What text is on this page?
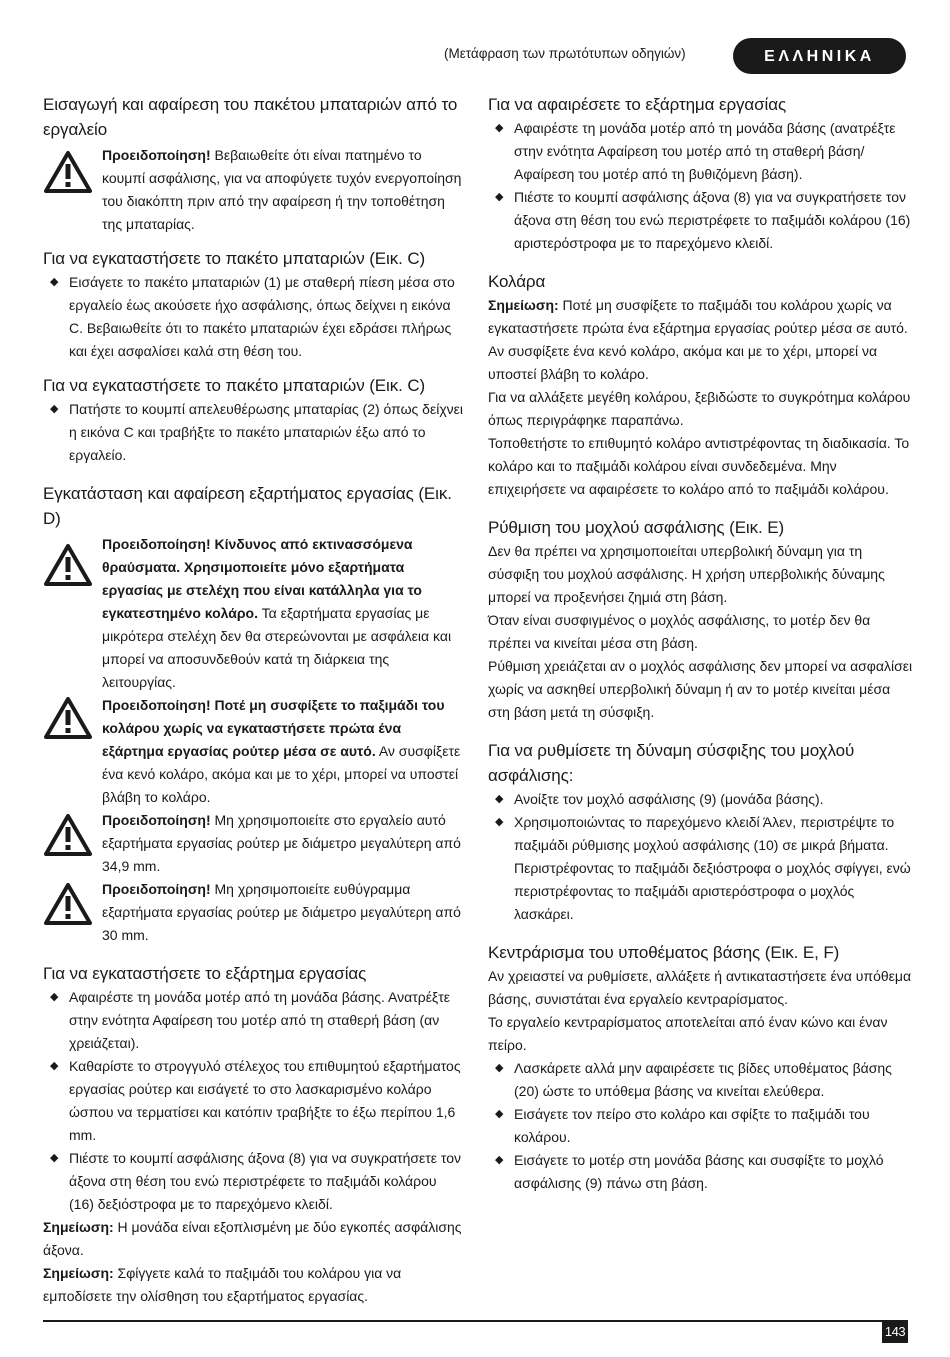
(Μετάφραση των πρωτότυπων οδηγιών)	ΕΛΛΗΝΙΚΑ
Εισαγωγή και αφαίρεση του πακέτου μπαταριών από το εργαλείο

Προειδοποίηση! Βεβαιωθείτε ότι είναι πατημένο το κουμπί ασφάλισης, για να αποφύγετε τυχόν ενεργοποίηση του διακόπτη πριν από την αφαίρεση ή την τοποθέτηση της μπαταρίας.

Για να εγκαταστήσετε το πακέτο μπαταριών (Εικ. C)
◆ Εισάγετε το πακέτο μπαταριών (1) με σταθερή πίεση μέσα στο εργαλείο έως ακούσετε ήχο ασφάλισης, όπως δείχνει η εικόνα C. Βεβαιωθείτε ότι το πακέτο μπαταριών έχει εδράσει πλήρως και έχει ασφαλίσει καλά στη θέση του.
Για να εγκαταστήσετε το πακέτο μπαταριών (Εικ. C)
◆ Πατήστε το κουμπί απελευθέρωσης μπαταρίας (2) όπως δείχνει η εικόνα C και τραβήξτε το πακέτο μπαταριών έξω από το εργαλείο.
Εγκατάσταση και αφαίρεση εξαρτήματος εργασίας (Εικ. D)

Προειδοποίηση! Κίνδυνος από εκτινασσόμενα θραύσματα. Χρησιμοποιείτε μόνο εξαρτήματα εργασίας με στελέχη που είναι κατάλληλα για το εγκατεστημένο κολάρο. Τα εξαρτήματα εργασίας με μικρότερα στελέχη δεν θα στερεώνονται με ασφάλεια και μπορεί να αποσυνδεθούν κατά τη διάρκεια της λειτουργίας.

Προειδοποίηση! Ποτέ μη συσφίξετε το παξιμάδι του κολάρου χωρίς να εγκαταστήσετε πρώτα ένα εξάρτημα εργασίας ρούτερ μέσα σε αυτό. Αν συσφίξετε ένα κενό κολάρο, ακόμα και με το χέρι, μπορεί να υποστεί βλάβη το κολάρο.

Προειδοποίηση! Μη χρησιμοποιείτε στο εργαλείο αυτό εξαρτήματα εργασίας ρούτερ με διάμετρο μεγαλύτερη από 34,9 mm.

Προειδοποίηση! Μη χρησιμοποιείτε ευθύγραμμα εξαρτήματα εργασίας ρούτερ με διάμετρο μεγαλύτερη από 30 mm.

Για να εγκαταστήσετε το εξάρτημα εργασίας
◆ Αφαιρέστε τη μονάδα μοτέρ από τη μονάδα βάσης. Ανατρέξτε στην ενότητα Αφαίρεση του μοτέρ από τη σταθερή βάση (αν χρειάζεται).
◆ Καθαρίστε το στρογγυλό στέλεχος του επιθυμητού εξαρτήματος εργασίας ρούτερ και εισάγετέ το στο λασκαρισμένο κολάρο ώσπου να τερματίσει και κατόπιν τραβήξτε το έξω περίπου 1,6 mm.
◆ Πιέστε το κουμπί ασφάλισης άξονα (8) για να συγκρατήσετε τον άξονα στη θέση του ενώ περιστρέφετε το παξιμάδι κολάρου (16) δεξιόστροφα με το παρεχόμενο κλειδί.

Σημείωση: Η μονάδα είναι εξοπλισμένη με δύο εγκοπές ασφάλισης άξονα.

Σημείωση: Σφίγγετε καλά το παξιμάδι του κολάρου για να εμποδίσετε την ολίσθηση του εξαρτήματος εργασίας.

Για να αφαιρέσετε το εξάρτημα εργασίας
◆ Αφαιρέστε τη μονάδα μοτέρ από τη μονάδα βάσης (ανατρέξτε στην ενότητα Αφαίρεση του μοτέρ από τη σταθερή βάση/Αφαίρεση του μοτέρ από τη βυθιζόμενη βάση).
◆ Πιέστε το κουμπί ασφάλισης άξονα (8) για να συγκρατήσετε τον άξονα στη θέση του ενώ περιστρέφετε το παξιμάδι κολάρου (16) αριστερόστροφα με το παρεχόμενο κλειδί.
Κολάρα

Σημείωση: Ποτέ μη συσφίξετε το παξιμάδι του κολάρου χωρίς να εγκαταστήσετε πρώτα ένα εξάρτημα εργασίας ρούτερ μέσα σε αυτό. Αν συσφίξετε ένα κενό κολάρο, ακόμα και με το χέρι, μπορεί να υποστεί βλάβη το κολάρο.

Για να αλλάξετε μεγέθη κολάρου, ξεβιδώστε το συγκρότημα κολάρου όπως περιγράφηκε παραπάνω.

Τοποθετήστε το επιθυμητό κολάρο αντιστρέφοντας τη διαδικασία. Το κολάρο και το παξιμάδι κολάρου είναι συνδεδεμένα. Μην επιχειρήσετε να αφαιρέσετε το κολάρο από το παξιμάδι κολάρου.

Ρύθμιση του μοχλού ασφάλισης (Εικ. E)

Δεν θα πρέπει να χρησιμοποιείται υπερβολική δύναμη για τη σύσφιξη του μοχλού ασφάλισης. Η χρήση υπερβολικής δύναμης μπορεί να προξενήσει ζημιά στη βάση.

Όταν είναι συσφιγμένος ο μοχλός ασφάλισης, το μοτέρ δεν θα πρέπει να κινείται μέσα στη βάση.

Ρύθμιση χρειάζεται αν ο μοχλός ασφάλισης δεν μπορεί να ασφαλίσει χωρίς να ασκηθεί υπερβολική δύναμη ή αν το μοτέρ κινείται μέσα στη βάση μετά τη σύσφιξη.

Για να ρυθμίσετε τη δύναμη σύσφιξης του μοχλού ασφάλισης:
◆ Ανοίξτε τον μοχλό ασφάλισης (9) (μονάδα βάσης).
◆ Χρησιμοποιώντας το παρεχόμενο κλειδί Άλεν, περιστρέψτε το παξιμάδι ρύθμισης μοχλού ασφάλισης (10) σε μικρά βήματα. Περιστρέφοντας το παξιμάδι δεξιόστροφα ο μοχλός σφίγγει, ενώ περιστρέφοντας το παξιμάδι αριστερόστροφα ο μοχλός λασκάρει.
Κεντράρισμα του υποθέματος βάσης (Εικ. E, F)

Αν χρειαστεί να ρυθμίσετε, αλλάξετε ή αντικαταστήσετε ένα υπόθεμα βάσης, συνιστάται ένα εργαλείο κεντραρίσματος.

Το εργαλείο κεντραρίσματος αποτελείται από έναν κώνο και έναν πείρο.

◆ Λασκάρετε αλλά μην αφαιρέσετε τις βίδες υποθέματος βάσης (20) ώστε το υπόθεμα βάσης να κινείται ελεύθερα.
◆ Εισάγετε τον πείρο στο κολάρο και σφίξτε το παξιμάδι του κολάρου.
◆ Εισάγετε το μοτέρ στη μονάδα βάσης και συσφίξτε το μοχλό ασφάλισης (9) πάνω στη βάση.
143
